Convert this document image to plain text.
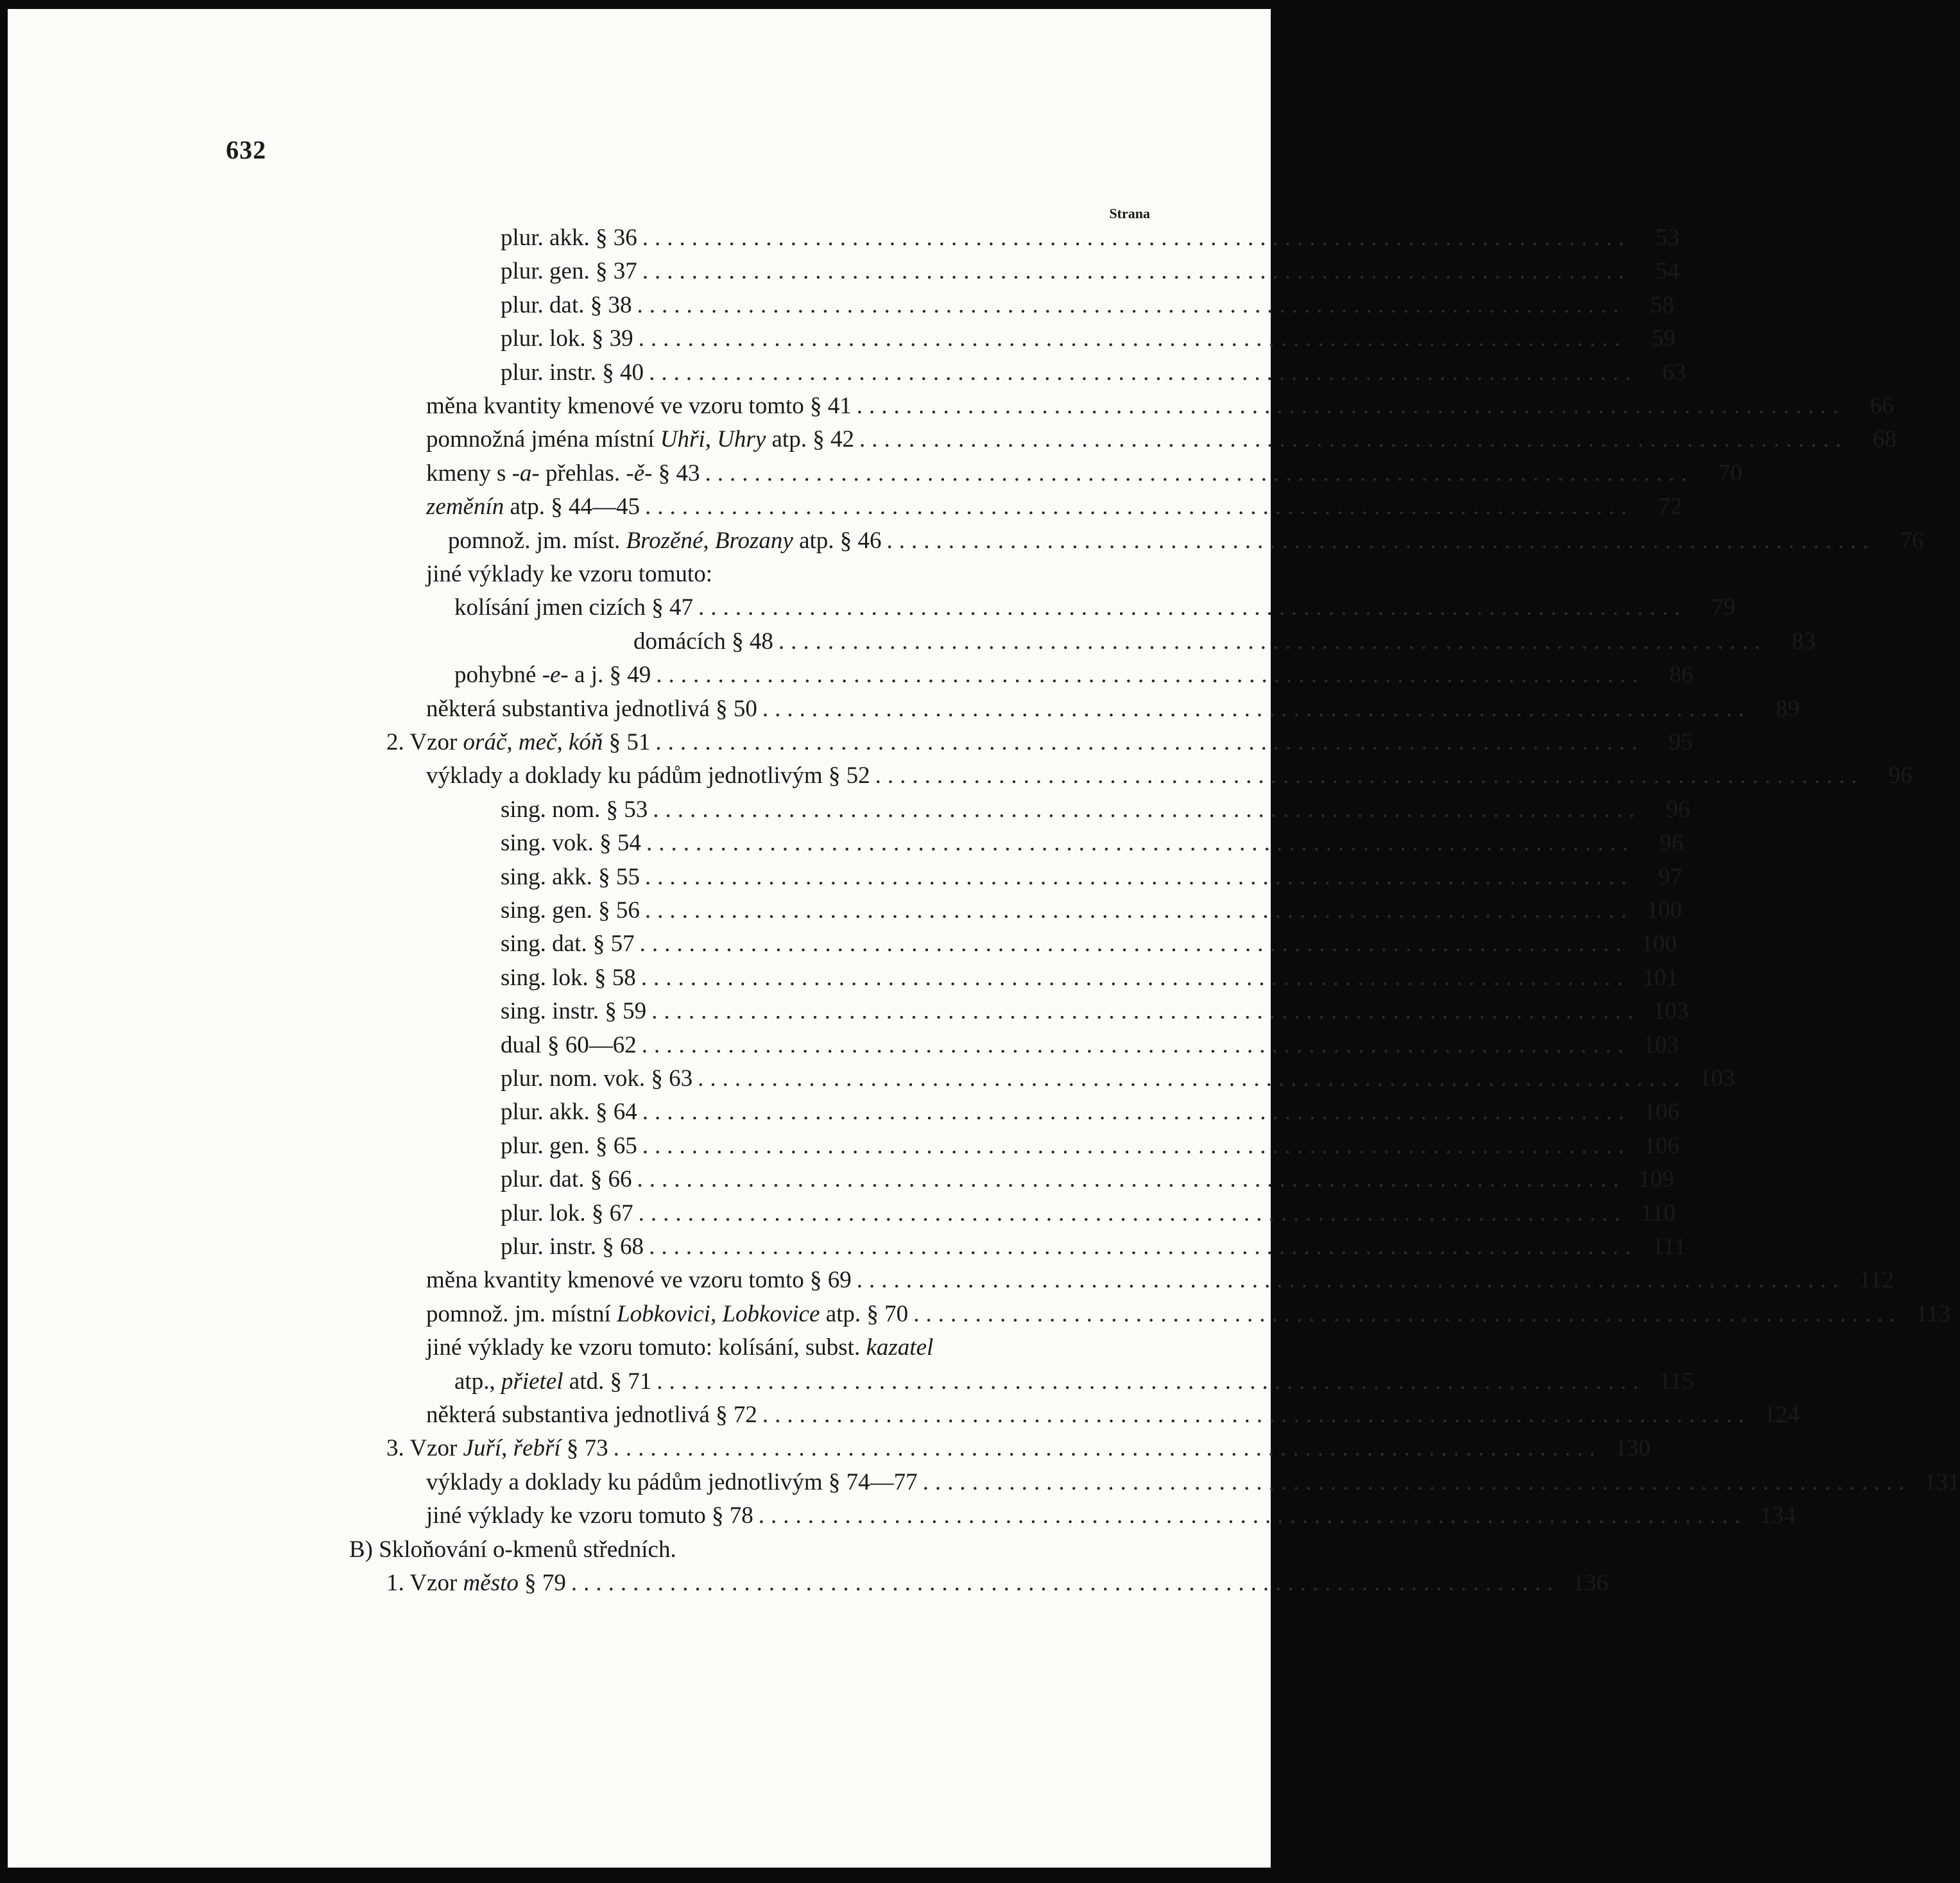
632
Strana
plur. akk. § 36 ................................................................................	53
plur. gen. § 37 ................................................................................	54
plur. dat. § 38 ................................................................................	58
plur. lok. § 39 ................................................................................	59
plur. instr. § 40 ................................................................................	63
měna kvantity kmenové ve vzoru tomto § 41 ................................................................................	66
pomnožná jména místní Uhři, Uhry atp. § 42 ................................................................................	68
kmeny s -a- přehlas. -ě- § 43 ................................................................................	70
zeměnín atp. § 44—45 ................................................................................	72
pomnož. jm. míst. Brozěné, Brozany atp. § 46 ................................................................................	76
jiné výklady ke vzoru tomuto:
kolísání jmen cizích § 47 ................................................................................	79
domácích § 48 ................................................................................	83
pohybné -e- a j. § 49 ................................................................................	86
některá substantiva jednotlivá § 50 ................................................................................	89
2. Vzor oráč, meč, kóň § 51 ................................................................................	95
výklady a doklady ku pádům jednotlivým § 52 ................................................................................	96
sing. nom. § 53 ................................................................................	96
sing. vok. § 54 ................................................................................	96
sing. akk. § 55 ................................................................................	97
sing. gen. § 56 ................................................................................ 100
sing. dat. § 57 ................................................................................ 100
sing. lok. § 58 ................................................................................ 101
sing. instr. § 59 ................................................................................ 103
dual § 60—62 ................................................................................ 103
plur. nom. vok. § 63 ................................................................................ 103
plur. akk. § 64 ................................................................................ 106
plur. gen. § 65 ................................................................................ 106
plur. dat. § 66 ................................................................................ 109
plur. lok. § 67 ................................................................................ 110
plur. instr. § 68 ................................................................................ 111
měna kvantity kmenové ve vzoru tomto § 69 ................................................................................ 112
pomnož. jm. místní Lobkovici, Lobkovice atp. § 70 ................................................................................ 113
jiné výklady ke vzoru tomuto: kolísání, subst. kazatel
atp., přietel atd. § 71 ................................................................................ 115
některá substantiva jednotlivá § 72 ................................................................................ 124
3. Vzor Juří, řebří § 73 ................................................................................ 130
výklady a doklady ku pádům jednotlivým § 74—77 ................................................................................ 131
jiné výklady ke vzoru tomuto § 78 ................................................................................ 134
B) Skloňování o-kmenů středních.
1. Vzor město § 79 ................................................................................ 136
